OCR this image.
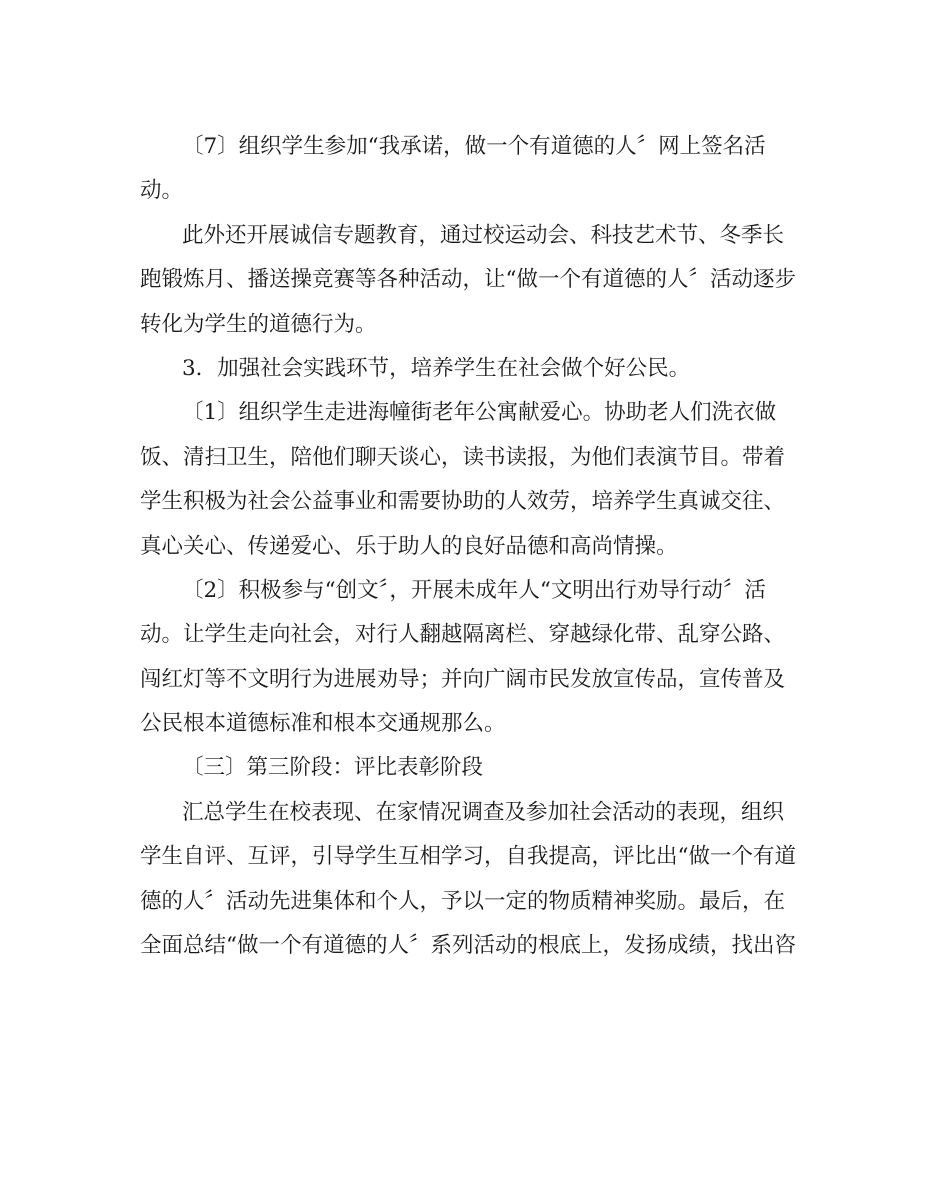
〔7〕组织学生参加“我承诺，做一个有道德的人〞网上签名活
动。
此外还开展诚信专题教育，通过校运动会、科技艺术节、冬季长
跑锻炼月、播送操竞赛等各种活动，让“做一个有道德的人〞活动逐步
转化为学生的道德行为。
3．加强社会实践环节，培养学生在社会做个好公民。
〔1〕组织学生走进海幢街老年公寓献爱心。协助老人们洗衣做
饭、清扫卫生，陪他们聊天谈心，读书读报，为他们表演节目。带着
学生积极为社会公益事业和需要协助的人效劳，培养学生真诚交往、
真心关心、传递爱心、乐于助人的良好品德和高尚情操。
〔2〕积极参与“创文〞，开展未成年人“文明出行劝导行动〞活
动。让学生走向社会，对行人翻越隔离栏、穿越绿化带、乱穿公路、
闯红灯等不文明行为进展劝导；并向广阔市民发放宣传品，宣传普及
公民根本道德标准和根本交通规那么。
〔三〕第三阶段：评比表彰阶段
汇总学生在校表现、在家情况调查及参加社会活动的表现，组织
学生自评、互评，引导学生互相学习，自我提高，评比出“做一个有道
德的人〞活动先进集体和个人，予以一定的物质精神奖励。最后，在
全面总结“做一个有道德的人〞系列活动的根底上，发扬成绩，找出咨
